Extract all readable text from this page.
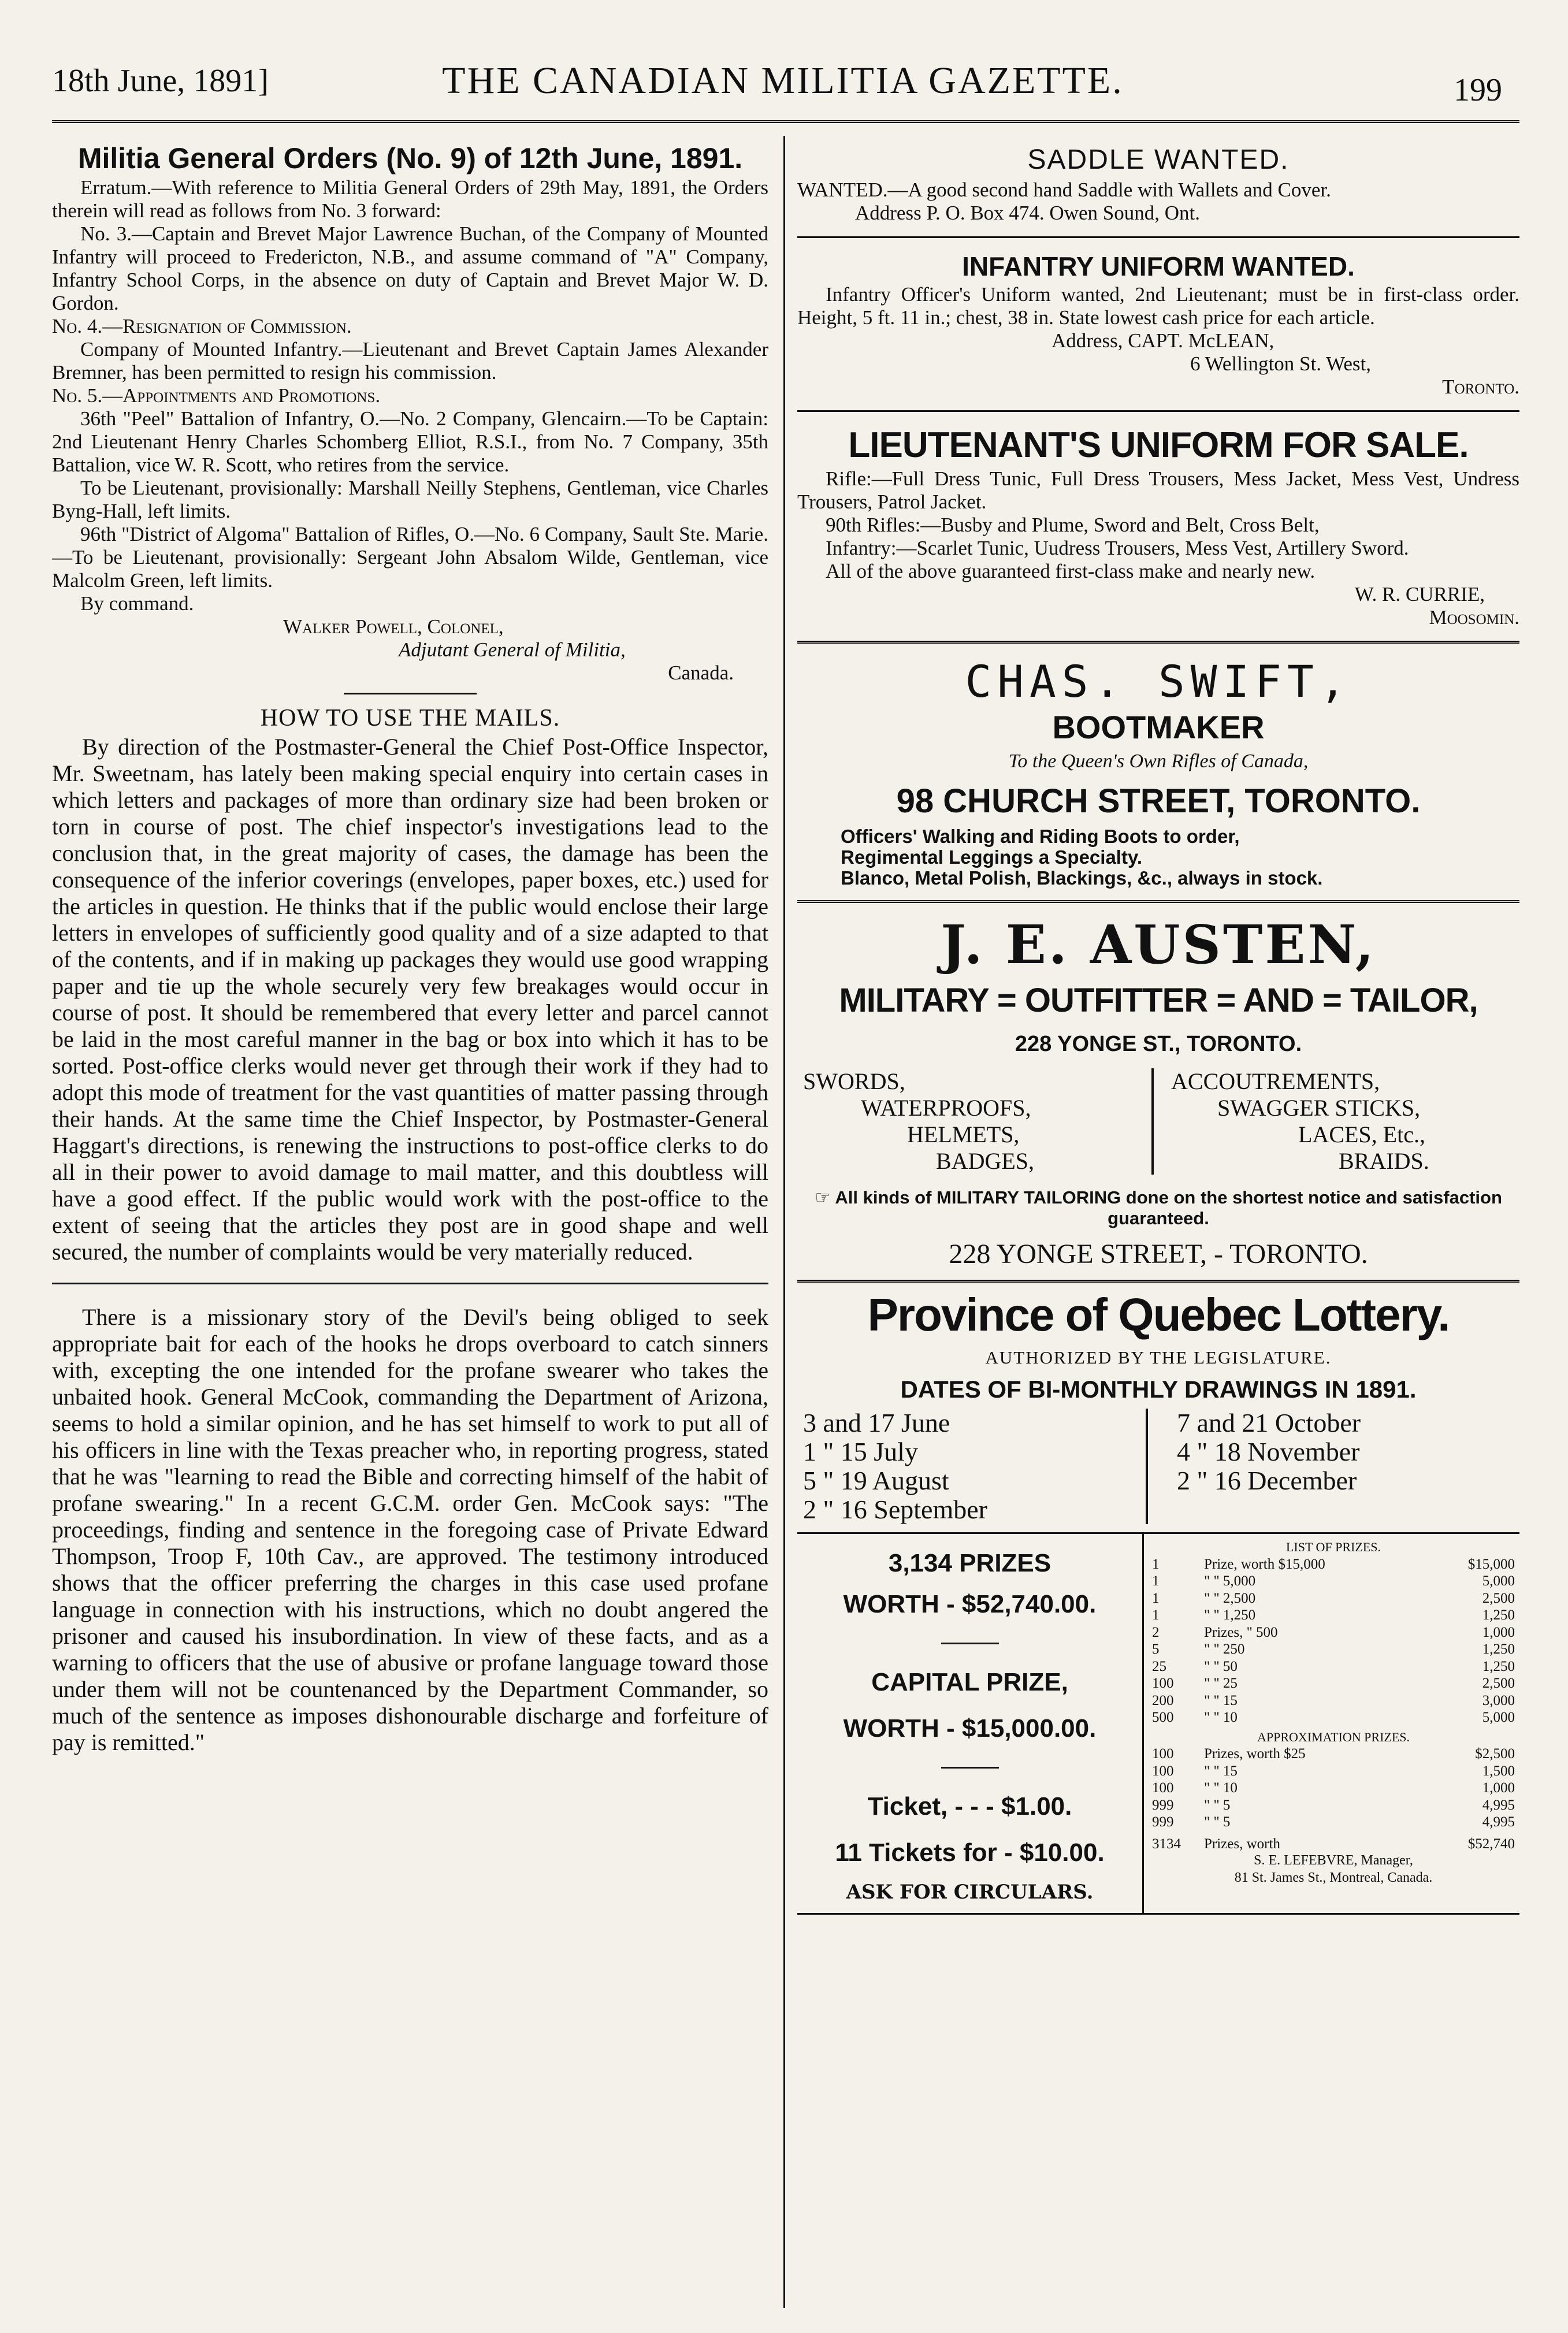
18th June, 1891]	THE CANADIAN MILITIA GAZETTE.	199

Militia General Orders (No. 9) of 12th June, 1891.

Erratum.—With reference to Militia General Orders of 29th May, 1891, the Orders therein will read as follows from No. 3 forward:

No. 3.—Captain and Brevet Major Lawrence Buchan, of the Company of Mounted Infantry will proceed to Fredericton, N.B., and assume command of "A" Company, Infantry School Corps, in the absence on duty of Captain and Brevet Major W. D. Gordon.

No. 4.—Resignation of Commission.

Company of Mounted Infantry.—Lieutenant and Brevet Captain James Alexander Bremner, has been permitted to resign his commission.

No. 5.—Appointments and Promotions.

36th "Peel" Battalion of Infantry, O.—No. 2 Company, Glencairn.—To be Captain: 2nd Lieutenant Henry Charles Schomberg Elliot, R.S.I., from No. 7 Company, 35th Battalion, vice W. R. Scott, who retires from the service.

To be Lieutenant, provisionally: Marshall Neilly Stephens, Gentleman, vice Charles Byng-Hall, left limits.

96th "District of Algoma" Battalion of Rifles, O.—No. 6 Company, Sault Ste. Marie.—To be Lieutenant, provisionally: Sergeant John Absalom Wilde, Gentleman, vice Malcolm Green, left limits.

By command.

Walker Powell, Colonel,

Adjutant General of Militia,

Canada.

HOW TO USE THE MAILS.

By direction of the Postmaster-General the Chief Post-Office Inspector, Mr. Sweetnam, has lately been making special enquiry into certain cases in which letters and packages of more than ordinary size had been broken or torn in course of post. The chief inspector's investigations lead to the conclusion that, in the great majority of cases, the damage has been the consequence of the inferior coverings (envelopes, paper boxes, etc.) used for the articles in question. He thinks that if the public would enclose their large letters in envelopes of sufficiently good quality and of a size adapted to that of the contents, and if in making up packages they would use good wrapping paper and tie up the whole securely very few breakages would occur in course of post. It should be remembered that every letter and parcel cannot be laid in the most careful manner in the bag or box into which it has to be sorted. Post-office clerks would never get through their work if they had to adopt this mode of treatment for the vast quantities of matter passing through their hands. At the same time the Chief Inspector, by Postmaster-General Haggart's directions, is renewing the instructions to post-office clerks to do all in their power to avoid damage to mail matter, and this doubtless will have a good effect. If the public would work with the post-office to the extent of seeing that the articles they post are in good shape and well secured, the number of complaints would be very materially reduced.

There is a missionary story of the Devil's being obliged to seek appropriate bait for each of the hooks he drops overboard to catch sinners with, excepting the one intended for the profane swearer who takes the unbaited hook. General McCook, commanding the Department of Arizona, seems to hold a similar opinion, and he has set himself to work to put all of his officers in line with the Texas preacher who, in reporting progress, stated that he was "learning to read the Bible and correcting himself of the habit of profane swearing." In a recent G.C.M. order Gen. McCook says: "The proceedings, finding and sentence in the foregoing case of Private Edward Thompson, Troop F, 10th Cav., are approved. The testimony introduced shows that the officer preferring the charges in this case used profane language in connection with his instructions, which no doubt angered the prisoner and caused his insubordination. In view of these facts, and as a warning to officers that the use of abusive or profane language toward those under them will not be countenanced by the Department Commander, so much of the sentence as imposes dishonourable discharge and forfeiture of pay is remitted."

SADDLE WANTED.

WANTED.—A good second hand Saddle with Wallets and Cover.

Address P. O. Box 474. Owen Sound, Ont.

INFANTRY UNIFORM WANTED.

Infantry Officer's Uniform wanted, 2nd Lieutenant; must be in first-class order. Height, 5 ft. 11 in.; chest, 38 in. State lowest cash price for each article.

Address, CAPT. McLEAN,

6 Wellington St. West,

Toronto.

LIEUTENANT'S UNIFORM FOR SALE.

Rifle:—Full Dress Tunic, Full Dress Trousers, Mess Jacket, Mess Vest, Undress Trousers, Patrol Jacket.

90th Rifles:—Busby and Plume, Sword and Belt, Cross Belt,

Infantry:—Scarlet Tunic, Uudress Trousers, Mess Vest, Artillery Sword.

All of the above guaranteed first-class make and nearly new.

W. R. CURRIE,

Moosomin.

CHAS. SWIFT,

BOOTMAKER

To the Queen's Own Rifles of Canada,

98 CHURCH STREET, TORONTO.

Officers' Walking and Riding Boots to order,

Regimental Leggings a Specialty.

Blanco, Metal Polish, Blackings, &c., always in stock.

J. E. AUSTEN,

MILITARY = OUTFITTER = AND = TAILOR,

228 YONGE ST., TORONTO.

SWORDS,
WATERPROOFS,
HELMETS,
BADGES,
ACCOUTREMENTS,
SWAGGER STICKS,
LACES, Etc.,
BRAIDS.

☞ All kinds of MILITARY TAILORING done on the shortest notice and satisfaction guaranteed.

228 YONGE STREET, - TORONTO.

Province of Quebec Lottery.

AUTHORIZED BY THE LEGISLATURE.

DATES OF BI-MONTHLY DRAWINGS IN 1891.

3 and 17 June
1 " 15 July
5 " 19 August
2 " 16 September
7 and 21 October
4 " 18 November
2 " 16 December

3,134 PRIZES

WORTH - $52,740.00.

CAPITAL PRIZE,

WORTH - $15,000.00.

Ticket, - - - $1.00.

11 Tickets for - $10.00.

ASK FOR CIRCULARS.

LIST OF PRIZES.

1	Prize, worth $15,000	$15,000
1	" " 5,000	5,000
1	" " 2,500	2,500
1	" " 1,250	1,250
2	Prizes, " 500	1,000
5	" " 250	1,250
25	" " 50	1,250
100	" " 25	2,500
200	" " 15	3,000
500	" " 10	5,000

APPROXIMATION PRIZES.

100	Prizes, worth $25	$2,500
100	" " 15	1,500
100	" " 10	1,000
999	" " 5	4,995
999	" " 5	4,995
3134	Prizes, worth	$52,740

S. E. LEFEBVRE, Manager,

81 St. James St., Montreal, Canada.
